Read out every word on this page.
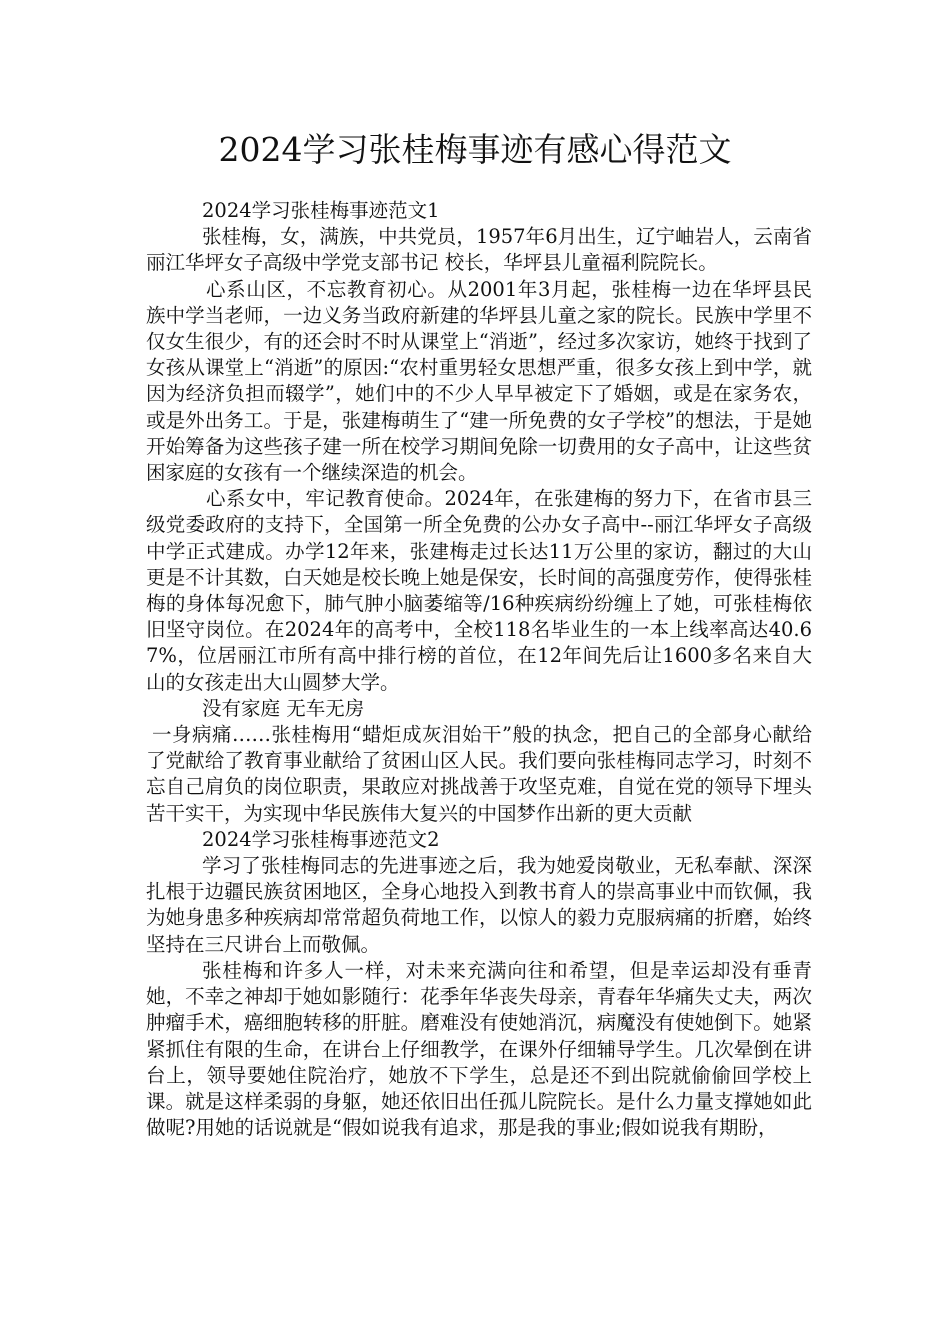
2024学习张桂梅事迹有感心得范文

2024学习张桂梅事迹范文1

张桂梅，女，满族，中共党员，1957年6月出生，辽宁岫岩人，云南省丽江华坪女子高级中学党支部书记 校长，华坪县儿童福利院院长。

心系山区，不忘教育初心。从2001年3月起，张桂梅一边在华坪县民族中学当老师，一边义务当政府新建的华坪县儿童之家的院长。民族中学里不仅女生很少，有的还会时不时从课堂上“消逝”，经过多次家访，她终于找到了女孩从课堂上“消逝”的原因:“农村重男轻女思想严重，很多女孩上到中学，就因为经济负担而辍学”，她们中的不少人早早被定下了婚姻，或是在家务农，或是外出务工。于是，张建梅萌生了“建一所免费的女子学校”的想法，于是她开始筹备为这些孩子建一所在校学习期间免除一切费用的女子高中，让这些贫困家庭的女孩有一个继续深造的机会。

心系女中，牢记教育使命。2024年，在张建梅的努力下，在省市县三级党委政府的支持下，全国第一所全免费的公办女子高中--丽江华坪女子高级中学正式建成。办学12年来，张建梅走过长达11万公里的家访，翻过的大山更是不计其数，白天她是校长晚上她是保安，长时间的高强度劳作，使得张桂梅的身体每况愈下，肺气肿小脑萎缩等/16种疾病纷纷缠上了她，可张桂梅依旧坚守岗位。在2024年的高考中，全校118名毕业生的一本上线率高达40.67%，位居丽江市所有高中排行榜的首位，在12年间先后让1600多名来自大山的女孩走出大山圆梦大学。

没有家庭 无车无房

一身病痛……张桂梅用“蜡炬成灰泪始干”般的执念，把自己的全部身心献给了党献给了教育事业献给了贫困山区人民。我们要向张桂梅同志学习，时刻不忘自己肩负的岗位职责，果敢应对挑战善于攻坚克难，自觉在党的领导下埋头苦干实干，为实现中华民族伟大复兴的中国梦作出新的更大贡献

2024学习张桂梅事迹范文2

学习了张桂梅同志的先进事迹之后，我为她爱岗敬业，无私奉献、深深扎根于边疆民族贫困地区，全身心地投入到教书育人的崇高事业中而钦佩，我为她身患多种疾病却常常超负荷地工作，以惊人的毅力克服病痛的折磨，始终坚持在三尺讲台上而敬佩。

张桂梅和许多人一样，对未来充满向往和希望，但是幸运却没有垂青她，不幸之神却于她如影随行：花季年华丧失母亲，青春年华痛失丈夫，两次肿瘤手术，癌细胞转移的肝脏。磨难没有使她消沉，病魔没有使她倒下。她紧紧抓住有限的生命，在讲台上仔细教学，在课外仔细辅导学生。几次晕倒在讲台上，领导要她住院治疗，她放不下学生，总是还不到出院就偷偷回学校上课。就是这样柔弱的身躯，她还依旧出任孤儿院院长。是什么力量支撑她如此做呢?用她的话说就是“假如说我有追求，那是我的事业;假如说我有期盼，
